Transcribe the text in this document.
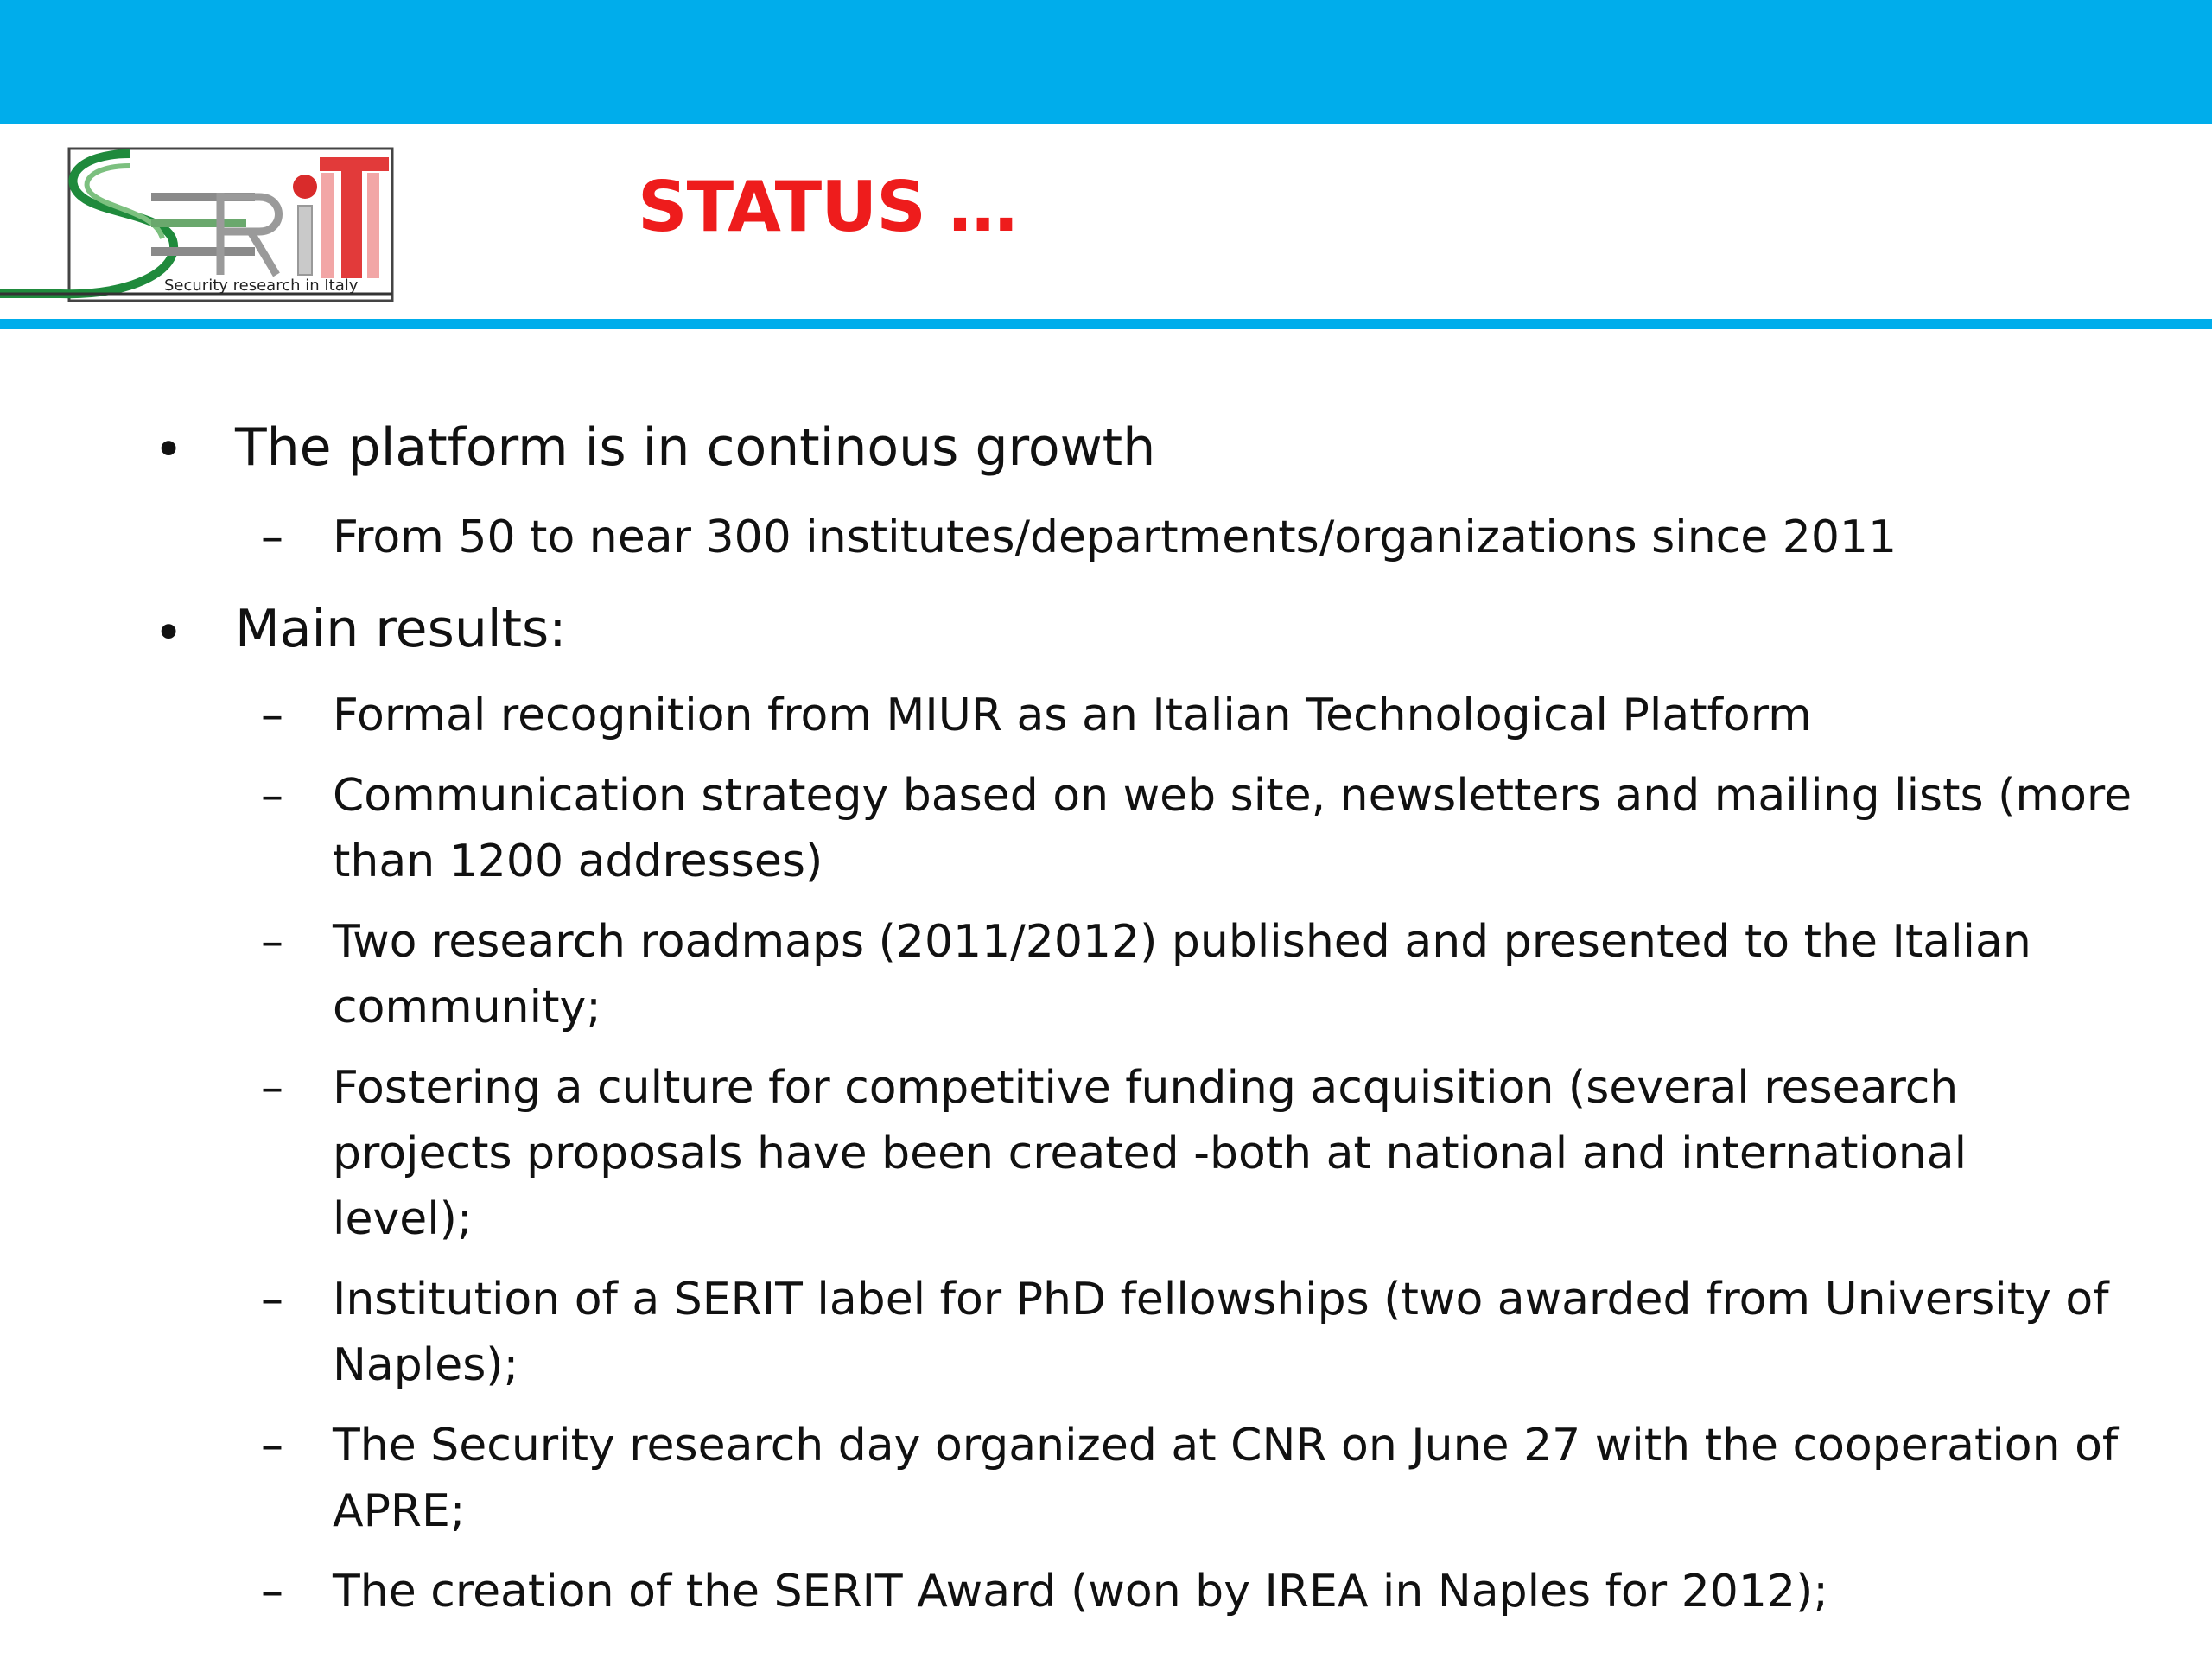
Security research in Italy
STATUS …
• The platform is in continous growth
– From 50 to near 300 institutes/departments/organizations since 2011
• Main results:
– Formal recognition from MIUR as an Italian Technological Platform
– Communication strategy based on web site, newsletters and mailing lists (more
than 1200 addresses)
– Two research roadmaps (2011/2012) published and presented to the Italian
community;
– Fostering a culture for competitive funding acquisition (several research
projects proposals have been created -both at national and international
level);
– Institution of a SERIT label for PhD fellowships (two awarded from University of
Naples);
– The Security research day organized at CNR on June 27 with the cooperation of
APRE;
– The creation of the SERIT Award (won by IREA in Naples for 2012);
